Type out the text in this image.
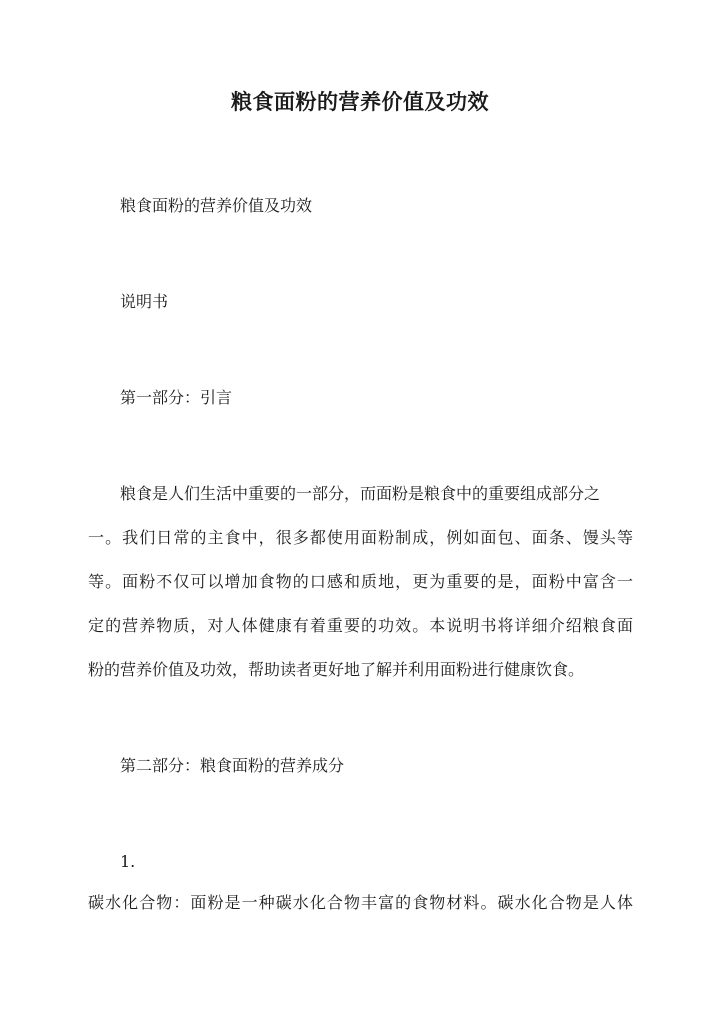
粮食面粉的营养价值及功效

粮食面粉的营养价值及功效

说明书

第一部分：引言

粮食是人们生活中重要的一部分，而面粉是粮食中的重要组成部分之

一。我们日常的主食中，很多都使用面粉制成，例如面包、面条、馒头等

等。面粉不仅可以增加食物的口感和质地，更为重要的是，面粉中富含一

定的营养物质，对人体健康有着重要的功效。本说明书将详细介绍粮食面

粉的营养价值及功效，帮助读者更好地了解并利用面粉进行健康饮食。

第二部分：粮食面粉的营养成分

1.

碳水化合物：面粉是一种碳水化合物丰富的食物材料。碳水化合物是人体
